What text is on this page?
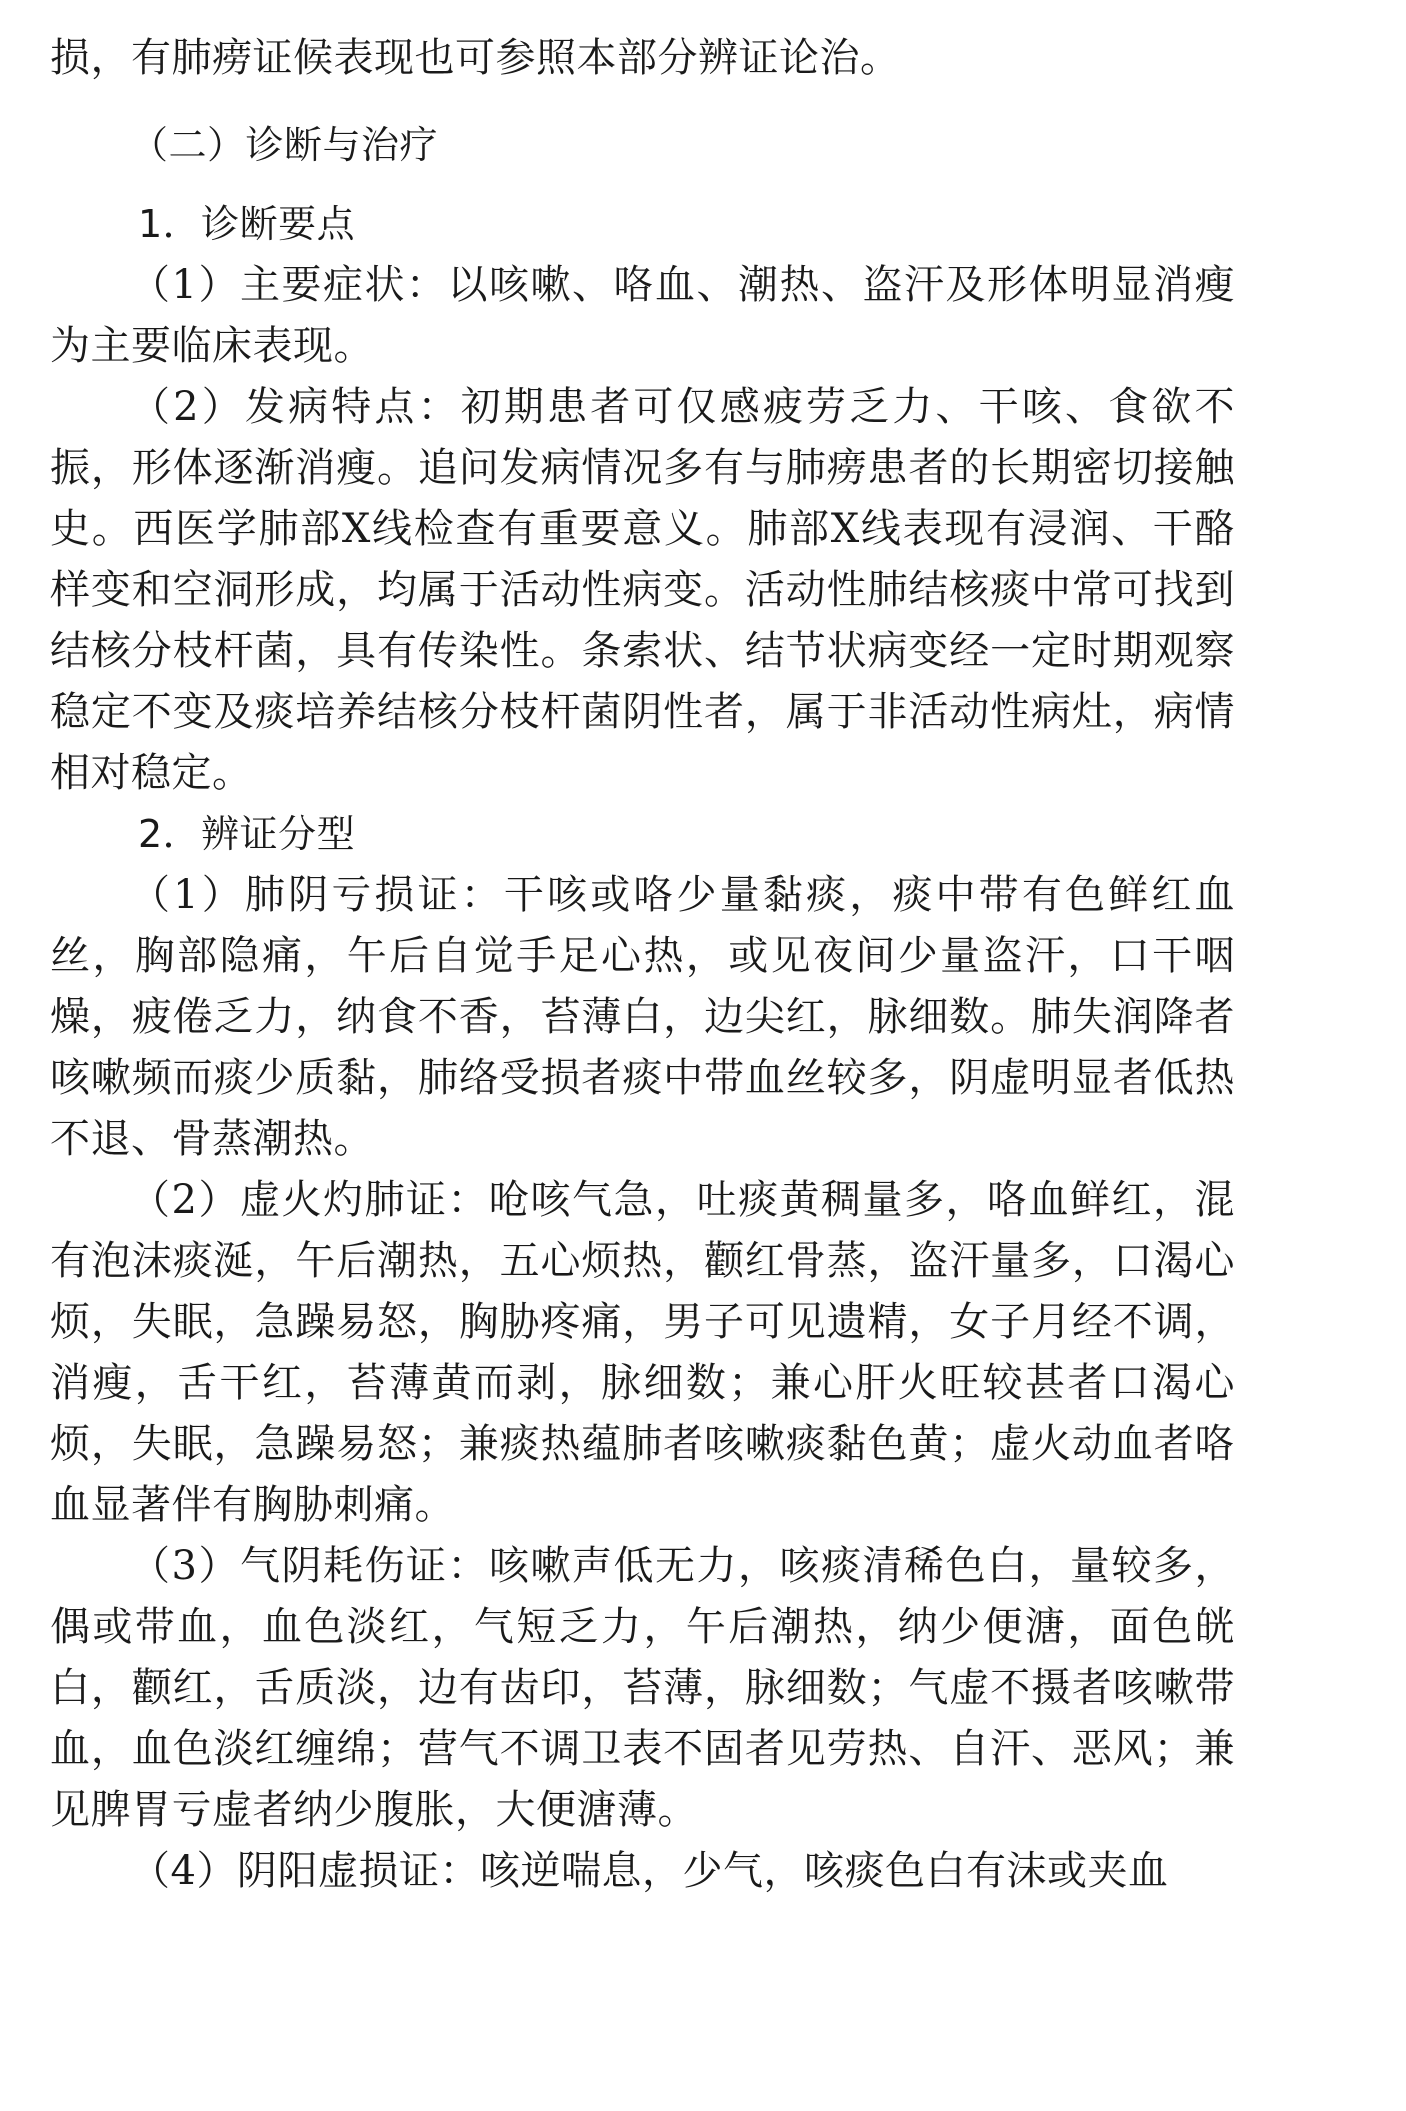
损，有肺痨证候表现也可参照本部分辨证论治。

（二）诊断与治疗

1．诊断要点

（1）主要症状：以咳嗽、咯血、潮热、盗汗及形体明显消瘦为主要临床表现。

（2）发病特点：初期患者可仅感疲劳乏力、干咳、食欲不振，形体逐渐消瘦。追问发病情况多有与肺痨患者的长期密切接触史。西医学肺部X线检查有重要意义。肺部X线表现有浸润、干酪样变和空洞形成，均属于活动性病变。活动性肺结核痰中常可找到结核分枝杆菌，具有传染性。条索状、结节状病变经一定时期观察稳定不变及痰培养结核分枝杆菌阴性者，属于非活动性病灶，病情相对稳定。

2．辨证分型

（1）肺阴亏损证：干咳或咯少量黏痰，痰中带有色鲜红血丝，胸部隐痛，午后自觉手足心热，或见夜间少量盗汗，口干咽燥，疲倦乏力，纳食不香，苔薄白，边尖红，脉细数。肺失润降者咳嗽频而痰少质黏，肺络受损者痰中带血丝较多，阴虚明显者低热不退、骨蒸潮热。

（2）虚火灼肺证：呛咳气急，吐痰黄稠量多，咯血鲜红，混有泡沫痰涎，午后潮热，五心烦热，颧红骨蒸，盗汗量多，口渴心烦，失眠，急躁易怒，胸胁疼痛，男子可见遗精，女子月经不调，消瘦，舌干红，苔薄黄而剥，脉细数；兼心肝火旺较甚者口渴心烦，失眠，急躁易怒；兼痰热蕴肺者咳嗽痰黏色黄；虚火动血者咯血显著伴有胸胁刺痛。

（3）气阴耗伤证：咳嗽声低无力，咳痰清稀色白，量较多，偶或带血，血色淡红，气短乏力，午后潮热，纳少便溏，面色㿠白，颧红，舌质淡，边有齿印，苔薄，脉细数；气虚不摄者咳嗽带血，血色淡红缠绵；营气不调卫表不固者见劳热、自汗、恶风；兼见脾胃亏虚者纳少腹胀，大便溏薄。

（4）阴阳虚损证：咳逆喘息，少气，咳痰色白有沫或夹血
